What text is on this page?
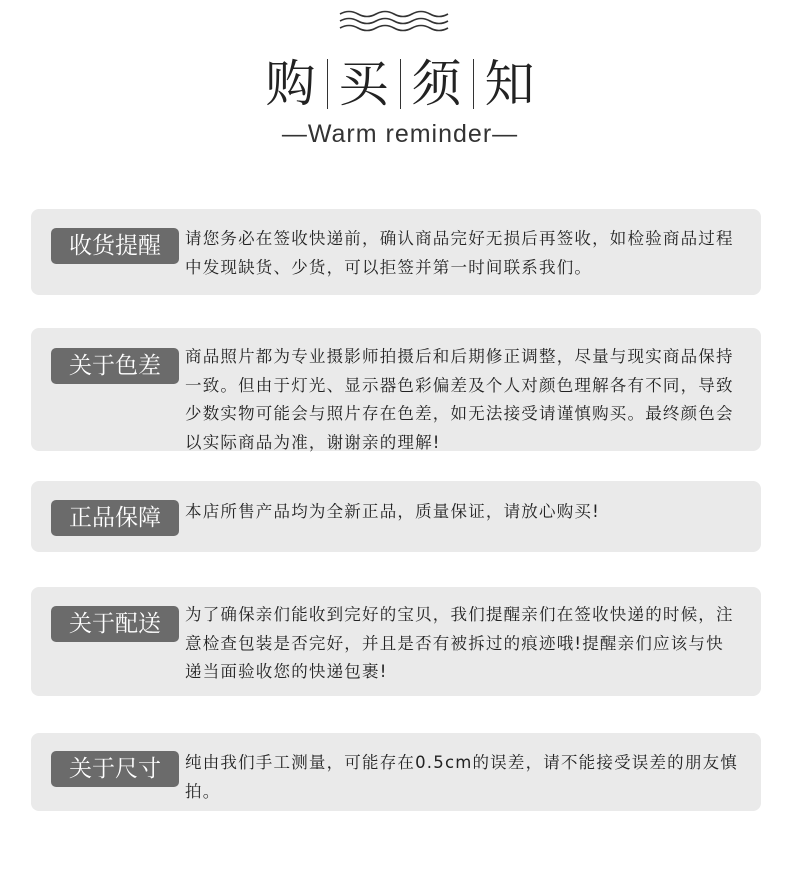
购 买 须 知
—Warm reminder—
收货提醒	请您务必在签收快递前，确认商品完好无损后再签收，如检验商品过程中发现缺货、少货，可以拒签并第一时间联系我们。

关于色差	商品照片都为专业摄影师拍摄后和后期修正调整，尽量与现实商品保持一致。但由于灯光、显示器色彩偏差及个人对颜色理解各有不同，导致少数实物可能会与照片存在色差，如无法接受请谨慎购买。最终颜色会以实际商品为准，谢谢亲的理解!

正品保障	本店所售产品均为全新正品，质量保证，请放心购买!

关于配送	为了确保亲们能收到完好的宝贝，我们提醒亲们在签收快递的时候，注意检查包装是否完好，并且是否有被拆过的痕迹哦!提醒亲们应该与快递当面验收您的快递包裹!

关于尺寸	纯由我们手工测量，可能存在0.5cm的误差，请不能接受误差的朋友慎拍。
